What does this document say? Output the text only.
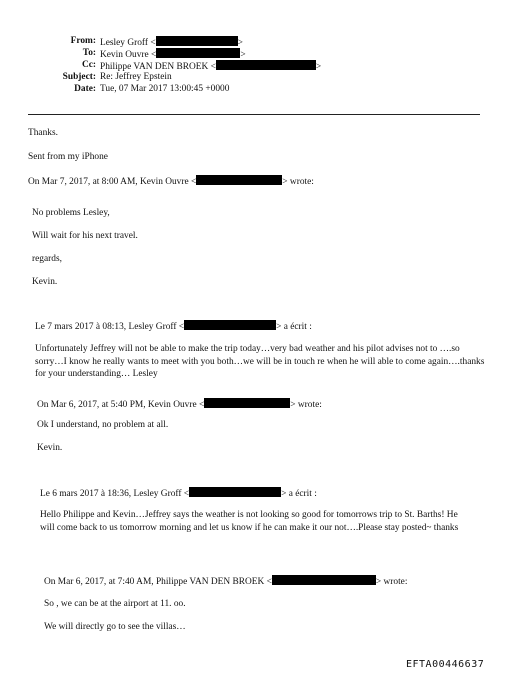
From: Lesley Groff <	>
To: Kevin Ouvre <	>
Cc: Philippe VAN DEN BROEK <	>
Subject: Re: Jeffrey Epstein
Date: Tue, 07 Mar 2017 13:00:45 +0000
Thanks.
Sent from my iPhone
On Mar 7, 2017, at 8:00 AM, Kevin Ouvre <	> wrote:
No problems Lesley,
Will wait for his next travel.
regards,
Kevin.
Le 7 mars 2017 à 08:13, Lesley Groff <	> a écrit :
Unfortunately Jeffrey will not be able to make the trip today…very bad weather and his pilot advises not to ….so sorry…I know he really wants to meet with you both…we will be in touch re when he will able to come again….thanks for your understanding… Lesley
On Mar 6, 2017, at 5:40 PM, Kevin Ouvre <	> wrote:
Ok I understand, no problem at all.
Kevin.
Le 6 mars 2017 à 18:36, Lesley Groff <	> a écrit :
Hello Philippe and Kevin…Jeffrey says the weather is not looking so good for tomorrows trip to St. Barths! He will come back to us tomorrow morning and let us know if he can make it our not….Please stay posted~ thanks
On Mar 6, 2017, at 7:40 AM, Philippe VAN DEN BROEK <	> wrote:
So , we can be at the airport at 11. oo.
We will directly go to see the villas…
EFTA00446637
